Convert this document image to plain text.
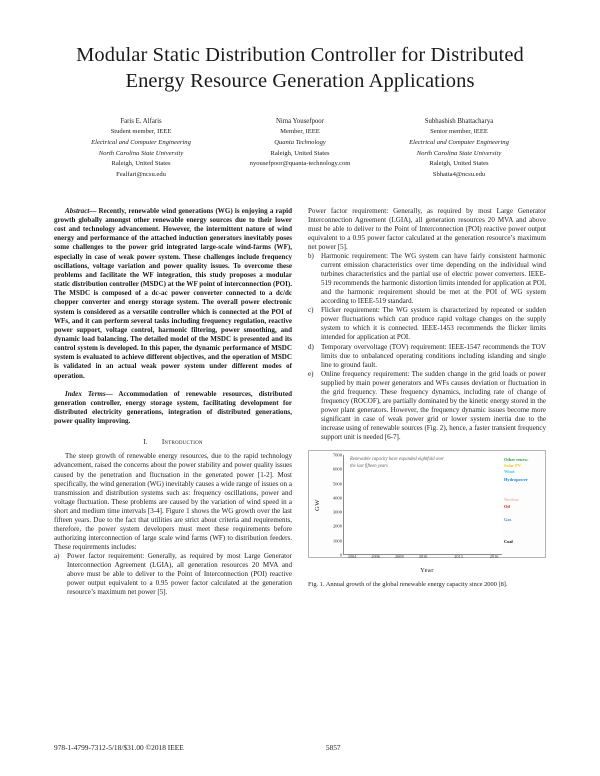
Modular Static Distribution Controller for Distributed Energy Resource Generation Applications
Faris E. Alfaris
Student member, IEEE
Electrical and Computer Engineering
North Carolina State University
Raleigh, United States
Fealfari@ncsu.edu
Nima Yousefpoor
Member, IEEE
Quanta Technology
Raleigh, United States
nyousefpoor@quanta-technology.com
Subhashish Bhattacharya
Senior member, IEEE
Electrical and Computer Engineering
North Carolina State University
Raleigh, United States
Sbhatta4@ncsu.edu

Abstract— Recently, renewable wind generations (WG) is enjoying a rapid growth globally amongst other renewable energy sources due to their lower cost and technology advancement. However, the intermittent nature of wind energy and performance of the attached induction generators inevitably poses some challenges to the power grid integrated large-scale wind-farms (WF), especially in case of weak power system. These challenges include frequency oscillations, voltage variation and power quality issues. To overcome these problems and facilitate the WF integration, this study proposes a modular static distribution controller (MSDC) at the WF point of interconnection (POI). The MSDC is composed of a dc-ac power converter connected to a dc/dc chopper converter and energy storage system. The overall power electronic system is considered as a versatile controller which is connected at the POI of WFs, and it can perform several tasks including frequency regulation, reactive power support, voltage control, harmonic filtering, power smoothing, and dynamic load balancing. The detailed model of the MSDC is presented and its control system is developed. In this paper, the dynamic performance of MSDC system is evaluated to achieve different objectives, and the operation of MSDC is validated in an actual weak power system under different modes of operation.

Index Terms— Accommodation of renewable resources, distributed generation controller, energy storage system, facilitating development for distributed electricity generations, integration of distributed generations, power quality improving.

I. Introduction

The steep growth of renewable energy resources, due to the rapid technology advancement, raised the concerns about the power stability and power quality issues caused by the penetration and fluctuation in the generated power [1-2]. Most specifically, the wind generation (WG) inevitably causes a wide range of issues on a transmission and distribution systems such as: frequency oscillations, power and voltage fluctuation. These problems are caused by the variation of wind speed in a short and medium time intervals [3-4]. Figure 1 shows the WG growth over the last fifteen years. Due to the fact that utilities are strict about criteria and requirements, therefore, the power system developers must meet these requirements before authorizing interconnection of large scale wind farms (WF) to distribution feeders. These requirements includes:

a) Power factor requirement: Generally, as required by most Large Generator Interconnection Agreement (LGIA), all generation resources 20 MVA and above must be able to deliver to the Point of Interconnection (POI) reactive power output equivalent to a 0.95 power factor calculated at the generation resource’s maximum net power [5].
Power factor requirement: Generally, as required by most Large Generator Interconnection Agreement (LGIA), all generation resources 20 MVA and above must be able to deliver to the Point of Interconnection (POI) reactive power output equivalent to a 0.95 power factor calculated at the generation resource’s maximum net power [5].
b) Harmonic requirement: The WG system can have fairly consistent harmonic current emission characteristics over time depending on the individual wind turbines characteristics and the partial use of electric power converters. IEEE-519 recommends the harmonic distortion limits intended for application at POI, and the harmonic requirement should be met at the POI of WG system according to IEEE-519 standard.
c) Flicker requirement: The WG system is characterized by repeated or sudden power fluctuations which can produce rapid voltage changes on the supply system to which it is connected. IEEE-1453 recommends the flicker limits intended for application at POI.
d) Temporary overvoltage (TOV) requirement: IEEE-1547 recommends the TOV limits due to unbalanced operating conditions including islanding and single line to ground fault.
e) Online frequency requirement: The sudden change in the grid loads or power supplied by main power generators and WFs causes deviation or fluctuation in the grid frequency. These frequency dynamics, including rate of change of frequency (ROCOF), are partially dominated by the kinetic energy stored in the power plant generators. However, the frequency dynamic issues become more significant in case of weak power grid or lower system inertia due to the increase using of renewable sources (Fig. 2), hence, a faster transient frequency support unit is needed [6-7].
GW
0
1000
2000
3000
4000
5000
6000
7000
Renewable capacity have expanded eightfold over the last fifteen years
2004	2006	2008	2010	2013	2016
Other renew.
Solar PV
Wind
Hydropower
Nuclear
Oil
Gas
Coal
Year
Fig. 1. Annual growth of the global renewable energy capacity since 2000 [8].
978-1-4799-7312-5/18/$31.00 ©2018 IEEE	5857
